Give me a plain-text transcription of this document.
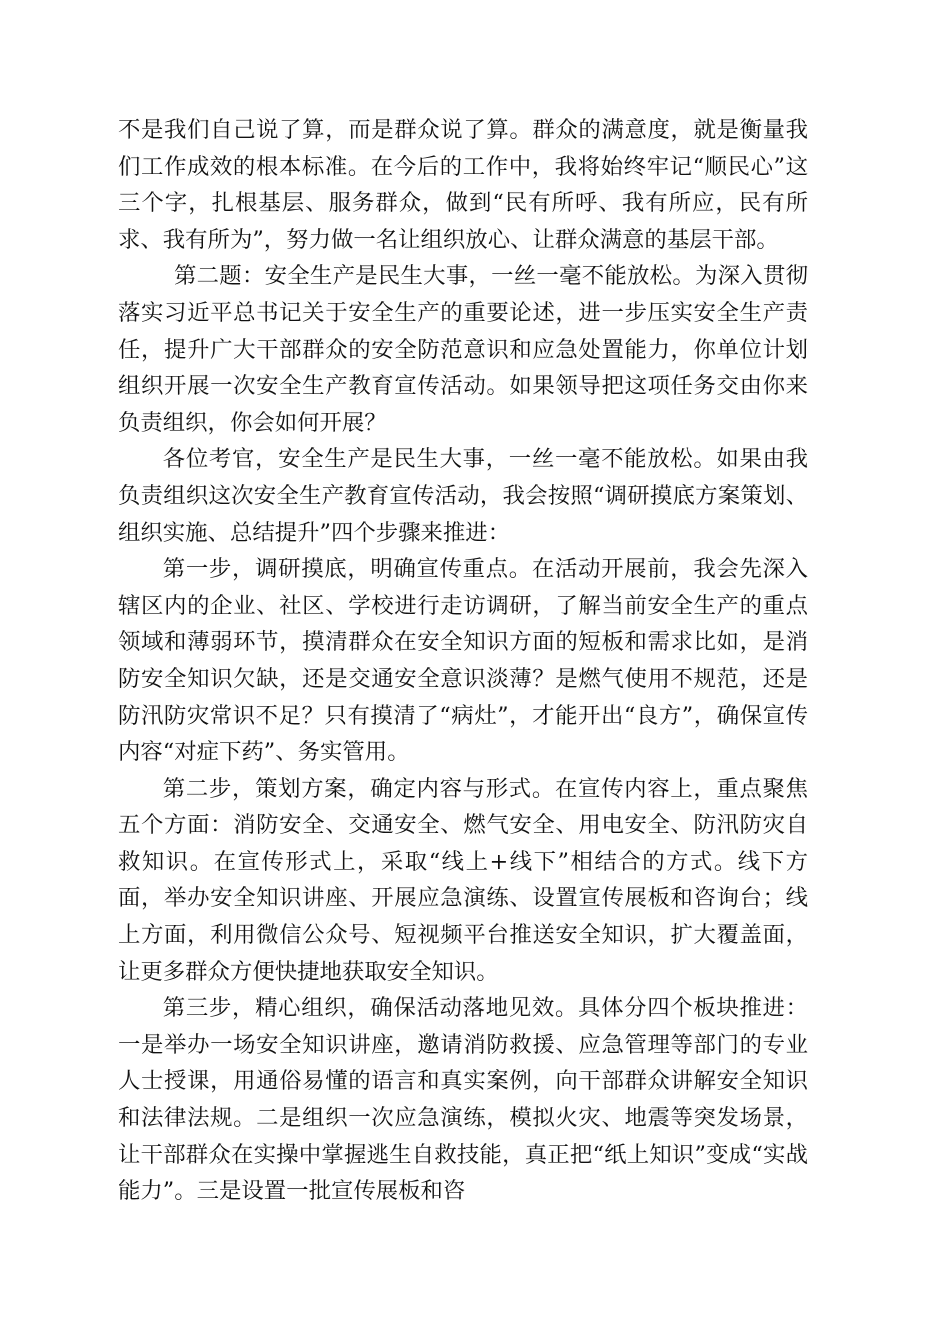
不是我们自己说了算，而是群众说了算。群众的满意度，就是衡量我们工作成效的根本标准。在今后的工作中，我将始终牢记“顺民心”这三个字，扎根基层、服务群众，做到“民有所呼、我有所应，民有所求、我有所为”，努力做一名让组织放心、让群众满意的基层干部。

第二题：安全生产是民生大事，一丝一毫不能放松。为深入贯彻落实习近平总书记关于安全生产的重要论述，进一步压实安全生产责任，提升广大干部群众的安全防范意识和应急处置能力，你单位计划组织开展一次安全生产教育宣传活动。如果领导把这项任务交由你来负责组织，你会如何开展？

各位考官，安全生产是民生大事，一丝一毫不能放松。如果由我负责组织这次安全生产教育宣传活动，我会按照“调研摸底方案策划、组织实施、总结提升”四个步骤来推进：

第一步，调研摸底，明确宣传重点。在活动开展前，我会先深入辖区内的企业、社区、学校进行走访调研，了解当前安全生产的重点领域和薄弱环节，摸清群众在安全知识方面的短板和需求比如，是消防安全知识欠缺，还是交通安全意识淡薄？是燃气使用不规范，还是防汛防灾常识不足？只有摸清了“病灶”，才能开出“良方”，确保宣传内容“对症下药”、务实管用。

第二步，策划方案，确定内容与形式。在宣传内容上，重点聚焦五个方面：消防安全、交通安全、燃气安全、用电安全、防汛防灾自救知识。在宣传形式上，采取“线上+线下”相结合的方式。线下方面，举办安全知识讲座、开展应急演练、设置宣传展板和咨询台；线上方面，利用微信公众号、短视频平台推送安全知识，扩大覆盖面，让更多群众方便快捷地获取安全知识。

第三步，精心组织，确保活动落地见效。具体分四个板块推进：一是举办一场安全知识讲座，邀请消防救援、应急管理等部门的专业人士授课，用通俗易懂的语言和真实案例，向干部群众讲解安全知识和法律法规。二是组织一次应急演练，模拟火灾、地震等突发场景，让干部群众在实操中掌握逃生自救技能，真正把“纸上知识”变成“实战能力”。三是设置一批宣传展板和咨
